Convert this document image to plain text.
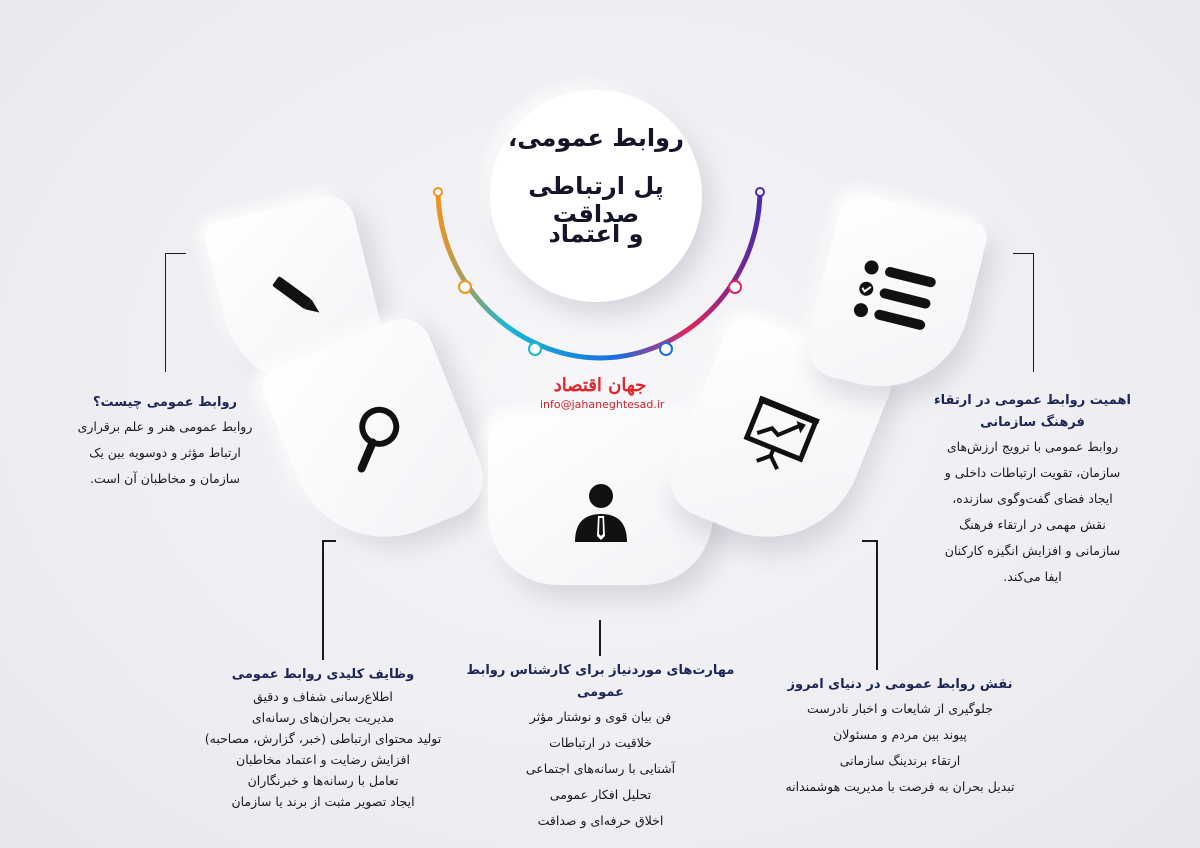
روابط عمومی،
پل ارتباطی صداقت
و اعتماد
جهان اقتصاد
info@jahaneghtesad.ir
روابط عمومی چیست؟
روابط عمومی هنر و علم برقراری
ارتباط مؤثر و دوسویه بین یک
سازمان و مخاطبان آن است.
اهمیت روابط عمومی در ارتقاء
فرهنگ سازمانی
روابط عمومی با ترویج ارزش‌های
سازمان، تقویت ارتباطات داخلی و
ایجاد فضای گفت‌وگوی سازنده،
نقش مهمی در ارتقاء فرهنگ
سازمانی و افزایش انگیزه کارکنان
ایفا می‌کند.
وظایف کلیدی روابط عمومی
اطلاع‌رسانی شفاف و دقیق
مدیریت بحران‌های رسانه‌ای
تولید محتوای ارتباطی (خبر، گزارش، مصاحبه)
افزایش رضایت و اعتماد مخاطبان
تعامل با رسانه‌ها و خبرنگاران
ایجاد تصویر مثبت از برند یا سازمان
مهارت‌های موردنیاز برای کارشناس روابط عمومی
فن بیان قوی و نوشتار مؤثر
خلاقیت در ارتباطات
آشنایی با رسانه‌های اجتماعی
تحلیل افکار عمومی
اخلاق حرفه‌ای و صداقت
نقش روابط عمومی در دنیای امروز
جلوگیری از شایعات و اخبار نادرست
پیوند بین مردم و مسئولان
ارتقاء برندینگ سازمانی
تبدیل بحران به فرصت با مدیریت هوشمندانه
